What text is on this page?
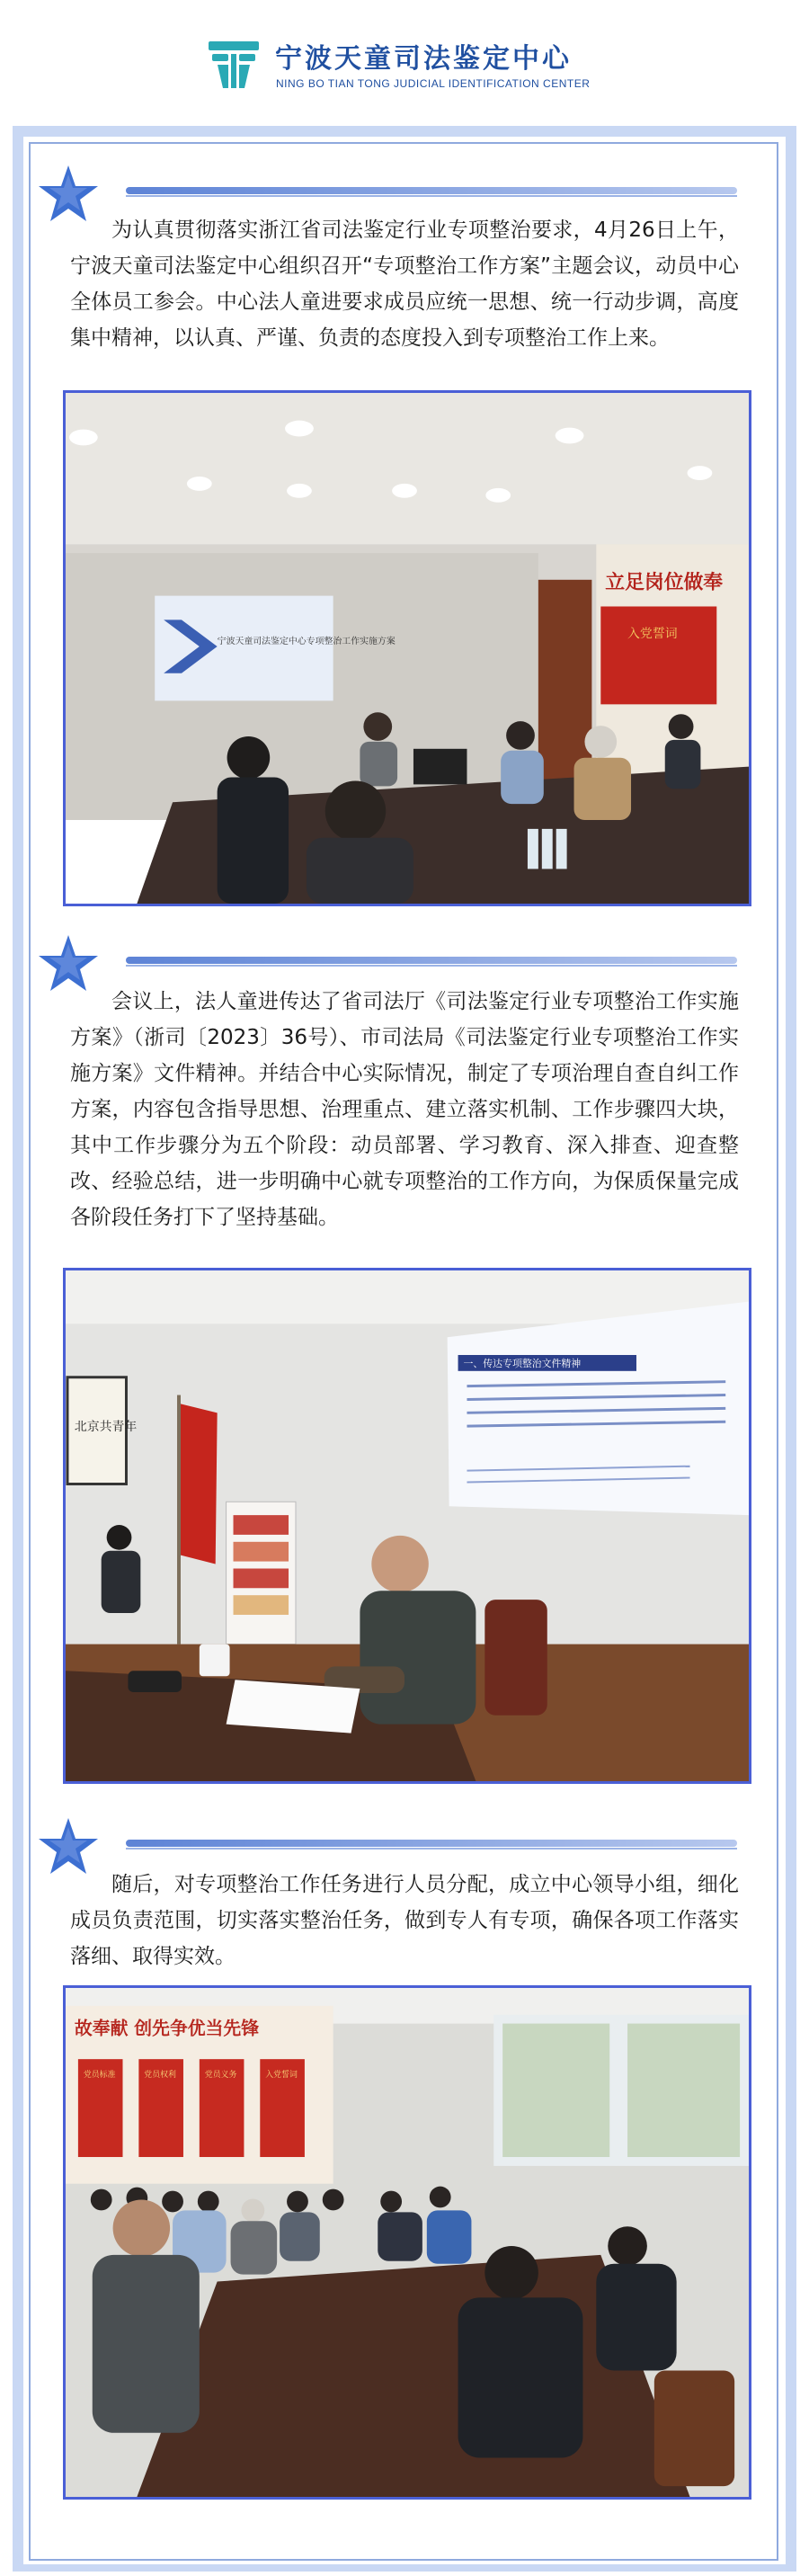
宁波天童司法鉴定中心
NING BO TIAN TONG JUDICIAL IDENTIFICATION CENTER
为认真贯彻落实浙江省司法鉴定行业专项整治要求，4月26日上午，宁波天童司法鉴定中心组织召开“专项整治工作方案”主题会议，动员中心全体员工参会。中心法人童进要求成员应统一思想、统一行动步调，高度集中精神，以认真、严谨、负责的态度投入到专项整治工作上来。
宁波天童司法鉴定中心专项整治工作实施方案
立足岗位做奉
入党誓词
会议上，法人童进传达了省司法厅《司法鉴定行业专项整治工作实施方案》（浙司〔2023〕36号）、市司法局《司法鉴定行业专项整治工作实施方案》文件精神。并结合中心实际情况，制定了专项治理自查自纠工作方案，内容包含指导思想、治理重点、建立落实机制、工作步骤四大块，其中工作步骤分为五个阶段：动员部署、学习教育、深入排查、迎查整改、经验总结，进一步明确中心就专项整治的工作方向，为保质保量完成各阶段任务打下了坚持基础。
北京共青年
一、传达专项整治文件精神
随后，对专项整治工作任务进行人员分配，成立中心领导小组，细化成员负责范围，切实落实整治任务，做到专人有专项，确保各项工作落实落细、取得实效。
故奉献 创先争优当先锋
党员标准	党员权利	党员义务	入党誓词
